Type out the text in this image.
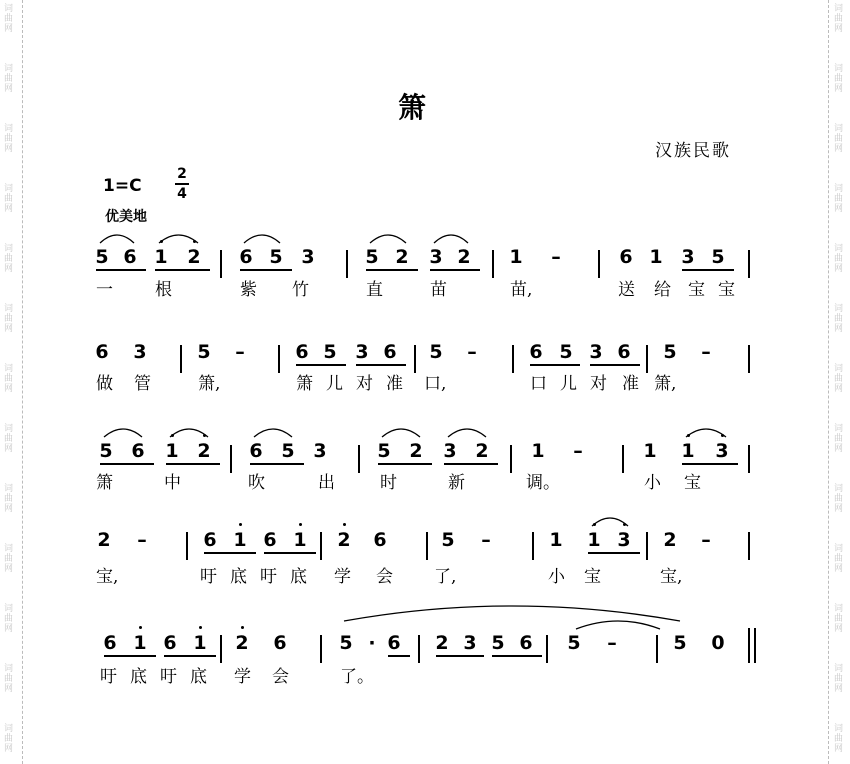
词
曲
网
词
曲
网
词
曲
网
词
曲
网
词
曲
网
词
曲
网
词
曲
网
词
曲
网
词
曲
网
词
曲
网
词
曲
网
词
曲
网
词
曲
网
词
曲
网
词
曲
网
词
曲
网
词
曲
网
词
曲
网
词
曲
网
词
曲
网
词
曲
网
词
曲
网
词
曲
网
词
曲
网
词
曲
网
词
曲
网
箫
汉族民歌
1=C
2
4
优美地
5 6 1 2 6 5 3	5 2 3 2 1 –	6 1 3 5
一 根	紫 竹	直	苗	苗,	送 给 宝 宝
6 3	5 –	6 5 3 6 5 –	6 5 3 6 5 –
做 管	箫,	箫 儿 对 准 口,	口 儿 对 准 箫,
5 6 1 2 6 5 3	5 2 3 2 1 –	1 1 3
箫	中	吹	出	时	新	调。	小 宝
2 –	6 1 6 1 2 6	5 –	1 1 3 2 –
宝,	吁 底 吁 底 学 会 了,	小 宝	宝,
6 1 6 1 2 6	5 · 6 2 3 5 6 5 –	5 0
吁 底 吁 底 学 会	了。
